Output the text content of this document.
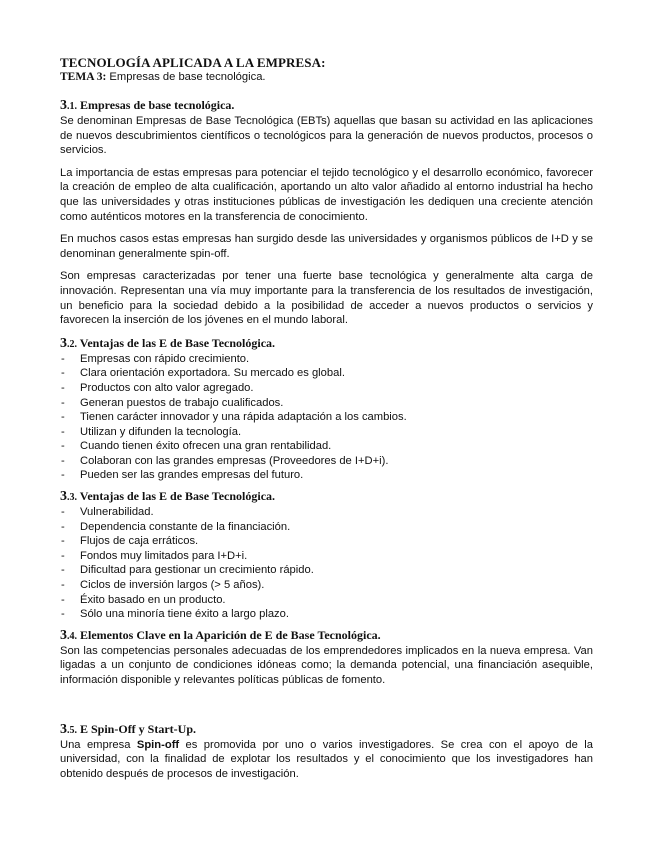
TECNOLOGÍA APLICADA A LA EMPRESA:
TEMA 3: Empresas de base tecnológica.
3.1. Empresas de base tecnológica.

Se denominan Empresas de Base Tecnológica (EBTs) aquellas que basan su actividad en las aplicaciones de nuevos descubrimientos científicos o tecnológicos para la generación de nuevos productos, procesos o servicios.

La importancia de estas empresas para potenciar el tejido tecnológico y el desarrollo económico, favorecer la creación de empleo de alta cualificación, aportando un alto valor añadido al entorno industrial ha hecho que las universidades y otras instituciones públicas de investigación les dediquen una creciente atención como auténticos motores en la transferencia de conocimiento.

En muchos casos estas empresas han surgido desde las universidades y organismos públicos de I+D y se denominan generalmente spin-off.

Son empresas caracterizadas por tener una fuerte base tecnológica y generalmente alta carga de innovación. Representan una vía muy importante para la transferencia de los resultados de investigación, un beneficio para la sociedad debido a la posibilidad de acceder a nuevos productos o servicios y favorecen la inserción de los jóvenes en el mundo laboral.

3.2. Ventajas de las E de Base Tecnológica.
- Empresas con rápido crecimiento.
- Clara orientación exportadora. Su mercado es global.
- Productos con alto valor agregado.
- Generan puestos de trabajo cualificados.
- Tienen carácter innovador y una rápida adaptación a los cambios.
- Utilizan y difunden la tecnología.
- Cuando tienen éxito ofrecen una gran rentabilidad.
- Colaboran con las grandes empresas (Proveedores de I+D+i).
- Pueden ser las grandes empresas del futuro.
3.3. Ventajas de las E de Base Tecnológica.
- Vulnerabilidad.
- Dependencia constante de la financiación.
- Flujos de caja erráticos.
- Fondos muy limitados para I+D+i.
- Dificultad para gestionar un crecimiento rápido.
- Ciclos de inversión largos (> 5 años).
- Éxito basado en un producto.
- Sólo una minoría tiene éxito a largo plazo.
3.4. Elementos Clave en la Aparición de E de Base Tecnológica.

Son las competencias personales adecuadas de los emprendedores implicados en la nueva empresa. Van ligadas a un conjunto de condiciones idóneas como; la demanda potencial, una financiación asequible, información disponible y relevantes políticas públicas de fomento.

3.5. E Spin-Off y Start-Up.

Una empresa Spin-off es promovida por uno o varios investigadores. Se crea con el apoyo de la universidad, con la finalidad de explotar los resultados y el conocimiento que los investigadores han obtenido después de procesos de investigación.
